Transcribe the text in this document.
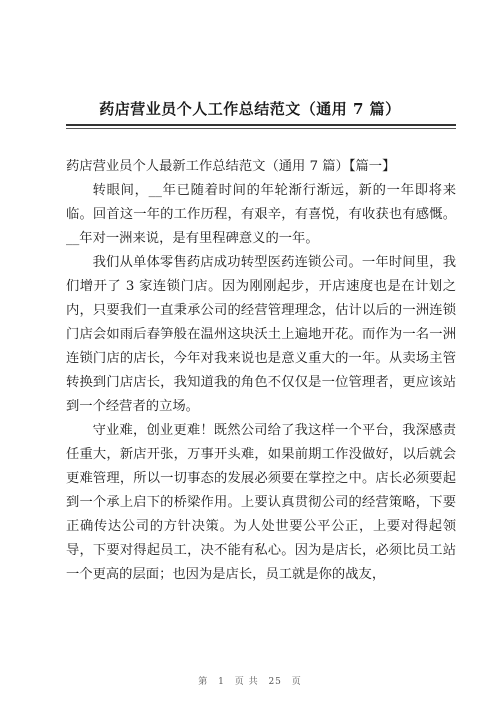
药店营业员个人工作总结范文（通用 7 篇）

药店营业员个人最新工作总结范文（通用 7 篇）【篇一】

转眼间，__年已随着时间的年轮渐行渐远，新的一年即将来临。回首这一年的工作历程，有艰辛，有喜悦，有收获也有感慨。__年对一洲来说，是有里程碑意义的一年。

我们从单体零售药店成功转型医药连锁公司。一年时间里，我们增开了 3 家连锁门店。因为刚刚起步，开店速度也是在计划之内，只要我们一直秉承公司的经营管理理念，估计以后的一洲连锁门店会如雨后春笋般在温州这块沃土上遍地开花。而作为一名一洲连锁门店的店长，今年对我来说也是意义重大的一年。从卖场主管转换到门店店长，我知道我的角色不仅仅是一位管理者，更应该站到一个经营者的立场。

守业难，创业更难！既然公司给了我这样一个平台，我深感责任重大，新店开张，万事开头难，如果前期工作没做好，以后就会更难管理，所以一切事态的发展必须要在掌控之中。店长必须要起到一个承上启下的桥梁作用。上要认真贯彻公司的经营策略，下要正确传达公司的方针决策。为人处世要公平公正，上要对得起领导，下要对得起员工，决不能有私心。因为是店长，必须比员工站一个更高的层面；也因为是店长，员工就是你的战友，

第 1 页 共 25 页
